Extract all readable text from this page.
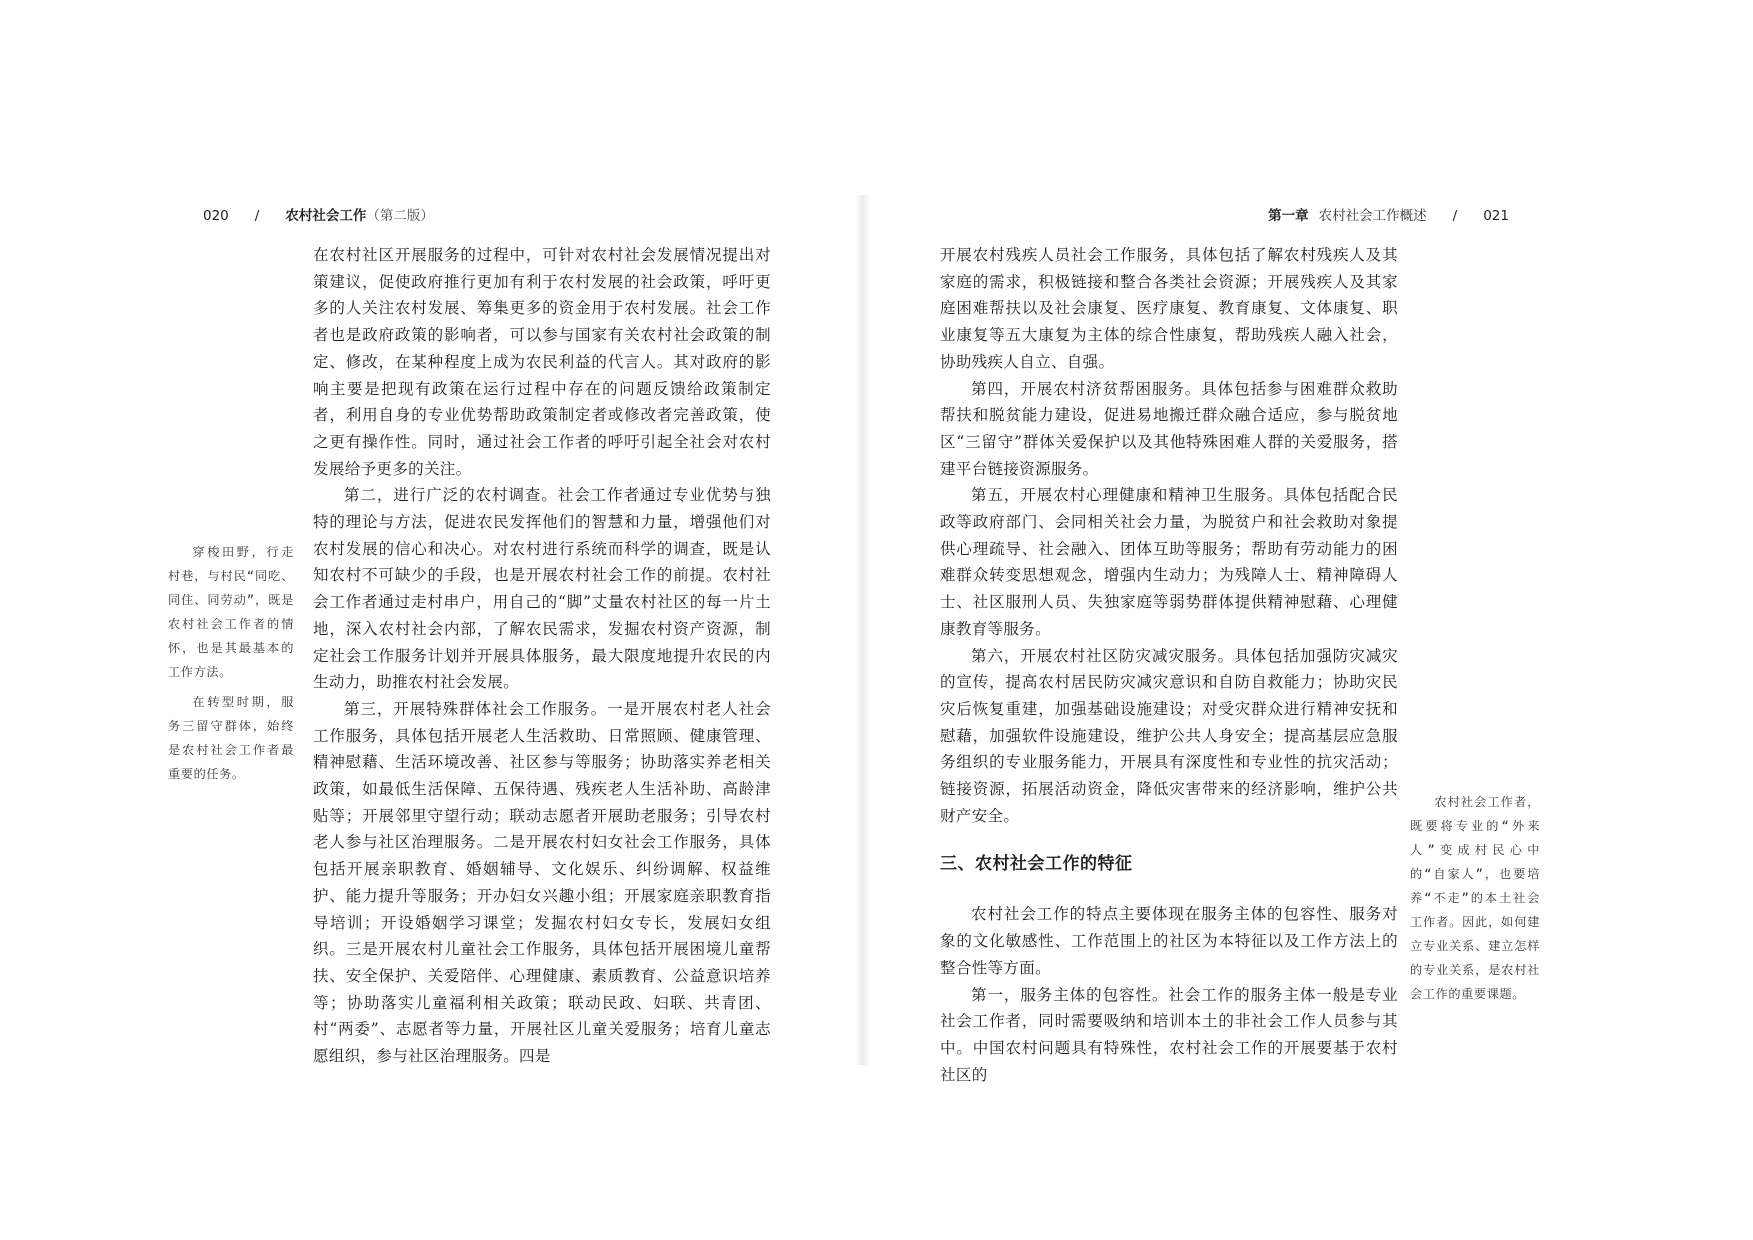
020 / 农村社会工作（第二版）

穿梭田野，行走村巷，与村民“同吃、同住、同劳动”，既是农村社会工作者的情怀，也是其最基本的工作方法。

在转型时期，服务三留守群体，始终是农村社会工作者最重要的任务。

在农村社区开展服务的过程中，可针对农村社会发展情况提出对策建议，促使政府推行更加有利于农村发展的社会政策，呼吁更多的人关注农村发展、筹集更多的资金用于农村发展。社会工作者也是政府政策的影响者，可以参与国家有关农村社会政策的制定、修改，在某种程度上成为农民利益的代言人。其对政府的影响主要是把现有政策在运行过程中存在的问题反馈给政策制定者，利用自身的专业优势帮助政策制定者或修改者完善政策，使之更有操作性。同时，通过社会工作者的呼吁引起全社会对农村发展给予更多的关注。

第二，进行广泛的农村调查。社会工作者通过专业优势与独特的理论与方法，促进农民发挥他们的智慧和力量，增强他们对农村发展的信心和决心。对农村进行系统而科学的调查，既是认知农村不可缺少的手段，也是开展农村社会工作的前提。农村社会工作者通过走村串户，用自己的“脚”丈量农村社区的每一片土地，深入农村社会内部，了解农民需求，发掘农村资产资源，制定社会工作服务计划并开展具体服务，最大限度地提升农民的内生动力，助推农村社会发展。

第三，开展特殊群体社会工作服务。一是开展农村老人社会工作服务，具体包括开展老人生活救助、日常照顾、健康管理、精神慰藉、生活环境改善、社区参与等服务；协助落实养老相关政策，如最低生活保障、五保待遇、残疾老人生活补助、高龄津贴等；开展邻里守望行动；联动志愿者开展助老服务；引导农村老人参与社区治理服务。二是开展农村妇女社会工作服务，具体包括开展亲职教育、婚姻辅导、文化娱乐、纠纷调解、权益维护、能力提升等服务；开办妇女兴趣小组；开展家庭亲职教育指导培训；开设婚姻学习课堂；发掘农村妇女专长，发展妇女组织。三是开展农村儿童社会工作服务，具体包括开展困境儿童帮扶、安全保护、关爱陪伴、心理健康、素质教育、公益意识培养等；协助落实儿童福利相关政策；联动民政、妇联、共青团、村“两委”、志愿者等力量，开展社区儿童关爱服务；培育儿童志愿组织，参与社区治理服务。四是

第一章 农村社会工作概述 / 021

开展农村残疾人员社会工作服务，具体包括了解农村残疾人及其家庭的需求，积极链接和整合各类社会资源；开展残疾人及其家庭困难帮扶以及社会康复、医疗康复、教育康复、文体康复、职业康复等五大康复为主体的综合性康复，帮助残疾人融入社会，协助残疾人自立、自强。

第四，开展农村济贫帮困服务。具体包括参与困难群众救助帮扶和脱贫能力建设，促进易地搬迁群众融合适应，参与脱贫地区“三留守”群体关爱保护以及其他特殊困难人群的关爱服务，搭建平台链接资源服务。

第五，开展农村心理健康和精神卫生服务。具体包括配合民政等政府部门、会同相关社会力量，为脱贫户和社会救助对象提供心理疏导、社会融入、团体互助等服务；帮助有劳动能力的困难群众转变思想观念，增强内生动力；为残障人士、精神障碍人士、社区服刑人员、失独家庭等弱势群体提供精神慰藉、心理健康教育等服务。

第六，开展农村社区防灾减灾服务。具体包括加强防灾减灾的宣传，提高农村居民防灾减灾意识和自防自救能力；协助灾民灾后恢复重建，加强基础设施建设；对受灾群众进行精神安抚和慰藉，加强软件设施建设，维护公共人身安全；提高基层应急服务组织的专业服务能力，开展具有深度性和专业性的抗灾活动；链接资源，拓展活动资金，降低灾害带来的经济影响，维护公共财产安全。

三、农村社会工作的特征

农村社会工作的特点主要体现在服务主体的包容性、服务对象的文化敏感性、工作范围上的社区为本特征以及工作方法上的整合性等方面。

第一，服务主体的包容性。社会工作的服务主体一般是专业社会工作者，同时需要吸纳和培训本土的非社会工作人员参与其中。中国农村问题具有特殊性，农村社会工作的开展要基于农村社区的

农村社会工作者，既要将专业的“外来人”变成村民心中的“自家人”，也要培养“不走”的本土社会工作者。因此，如何建立专业关系、建立怎样的专业关系，是农村社会工作的重要课题。
